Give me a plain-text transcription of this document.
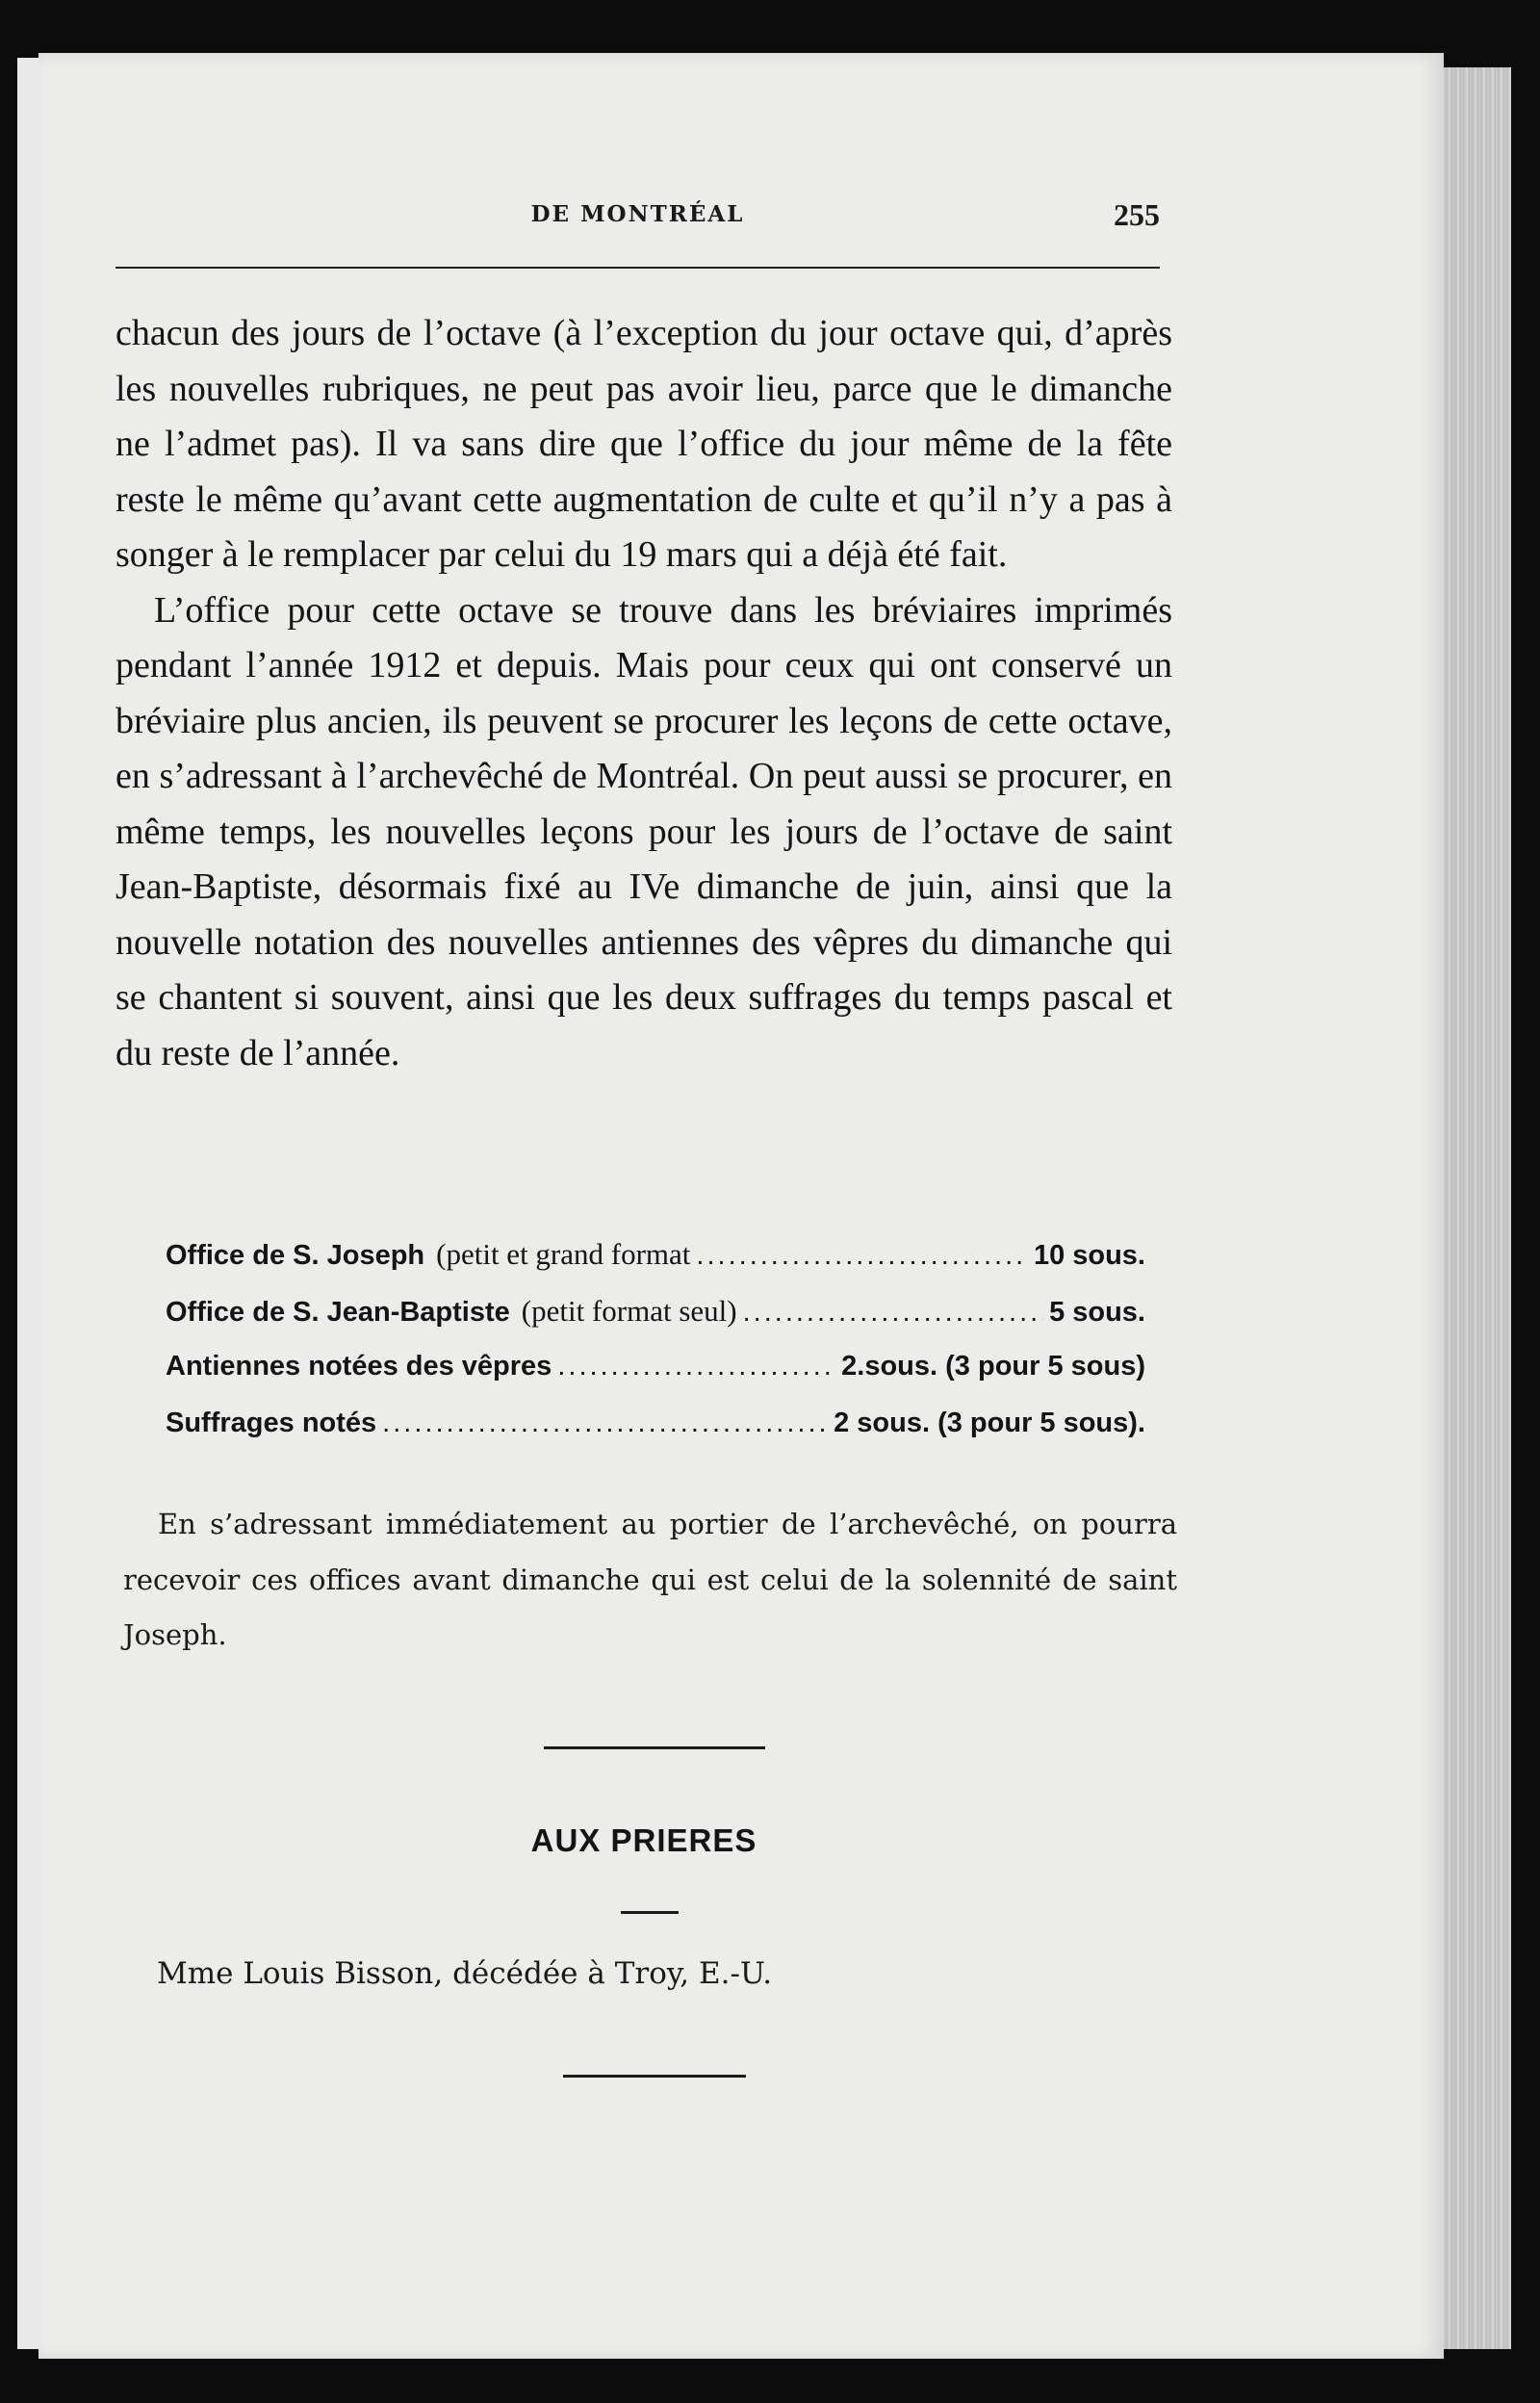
DE MONTRÉAL	255

chacun des jours de l’octave (à l’exception du jour octave qui, d’après les nouvelles rubriques, ne peut pas avoir lieu, parce que le dimanche ne l’admet pas). Il va sans dire que l’office du jour même de la fête reste le même qu’avant cette augmentation de culte et qu’il n’y a pas à songer à le remplacer par celui du 19 mars qui a déjà été fait.

L’office pour cette octave se trouve dans les bréviaires imprimés pendant l’année 1912 et depuis. Mais pour ceux qui ont conservé un bréviaire plus ancien, ils peuvent se procurer les leçons de cette octave, en s’adressant à l’archevêché de Montréal. On peut aussi se procurer, en même temps, les nouvelles leçons pour les jours de l’octave de saint Jean-Baptiste, désormais fixé au IVe dimanche de juin, ainsi que la nouvelle notation des nouvelles antiennes des vêpres du dimanche qui se chantent si souvent, ainsi que les deux suffrages du temps pascal et du reste de l’année.

Office de S. Joseph (petit et grand format .....	10 sous.
Office de S. Jean-Baptiste (petit format seul) .....	5 sous.
Antiennes notées des vêpres .....	2.sous. (3 pour 5 sous)
Suffrages notés .....	2 sous. (3 pour 5 sous).

En s’adressant immédiatement au portier de l’archevêché, on pourra recevoir ces offices avant dimanche qui est celui de la solennité de saint Joseph.

AUX PRIERES
Mme Louis Bisson, décédée à Troy, E.-U.
